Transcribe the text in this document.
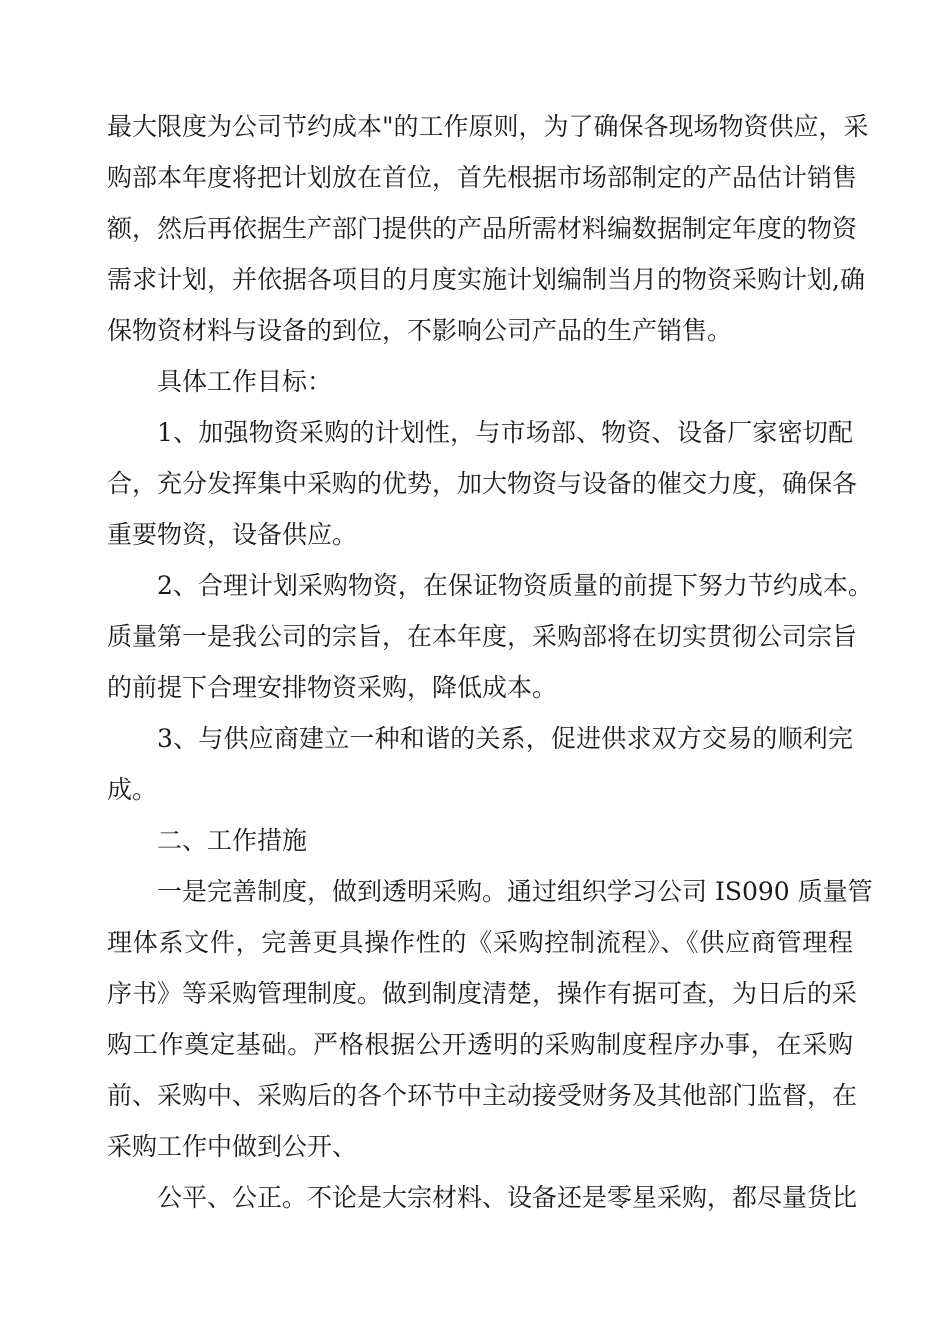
最大限度为公司节约成本"的工作原则，为了确保各现场物资供应，采
购部本年度将把计划放在首位，首先根据市场部制定的产品估计销售
额，然后再依据生产部门提供的产品所需材料编数据制定年度的物资
需求计划，并依据各项目的月度实施计划编制当月的物资采购计划,确
保物资材料与设备的到位，不影响公司产品的生产销售。
具体工作目标：
1、加强物资采购的计划性，与市场部、物资、设备厂家密切配
合，充分发挥集中采购的优势，加大物资与设备的催交力度，确保各
重要物资，设备供应。
2、合理计划采购物资，在保证物资质量的前提下努力节约成本。
质量第一是我公司的宗旨，在本年度，采购部将在切实贯彻公司宗旨
的前提下合理安排物资采购，降低成本。
3、与供应商建立一种和谐的关系，促进供求双方交易的顺利完
成。
二、工作措施
一是完善制度，做到透明采购。通过组织学习公司 IS090 质量管
理体系文件，完善更具操作性的《采购控制流程》、《供应商管理程
序书》等采购管理制度。做到制度清楚，操作有据可查，为日后的采
购工作奠定基础。严格根据公开透明的采购制度程序办事，在采购
前、采购中、采购后的各个环节中主动接受财务及其他部门监督，在
采购工作中做到公开、
公平、公正。不论是大宗材料、设备还是零星采购，都尽量货比
